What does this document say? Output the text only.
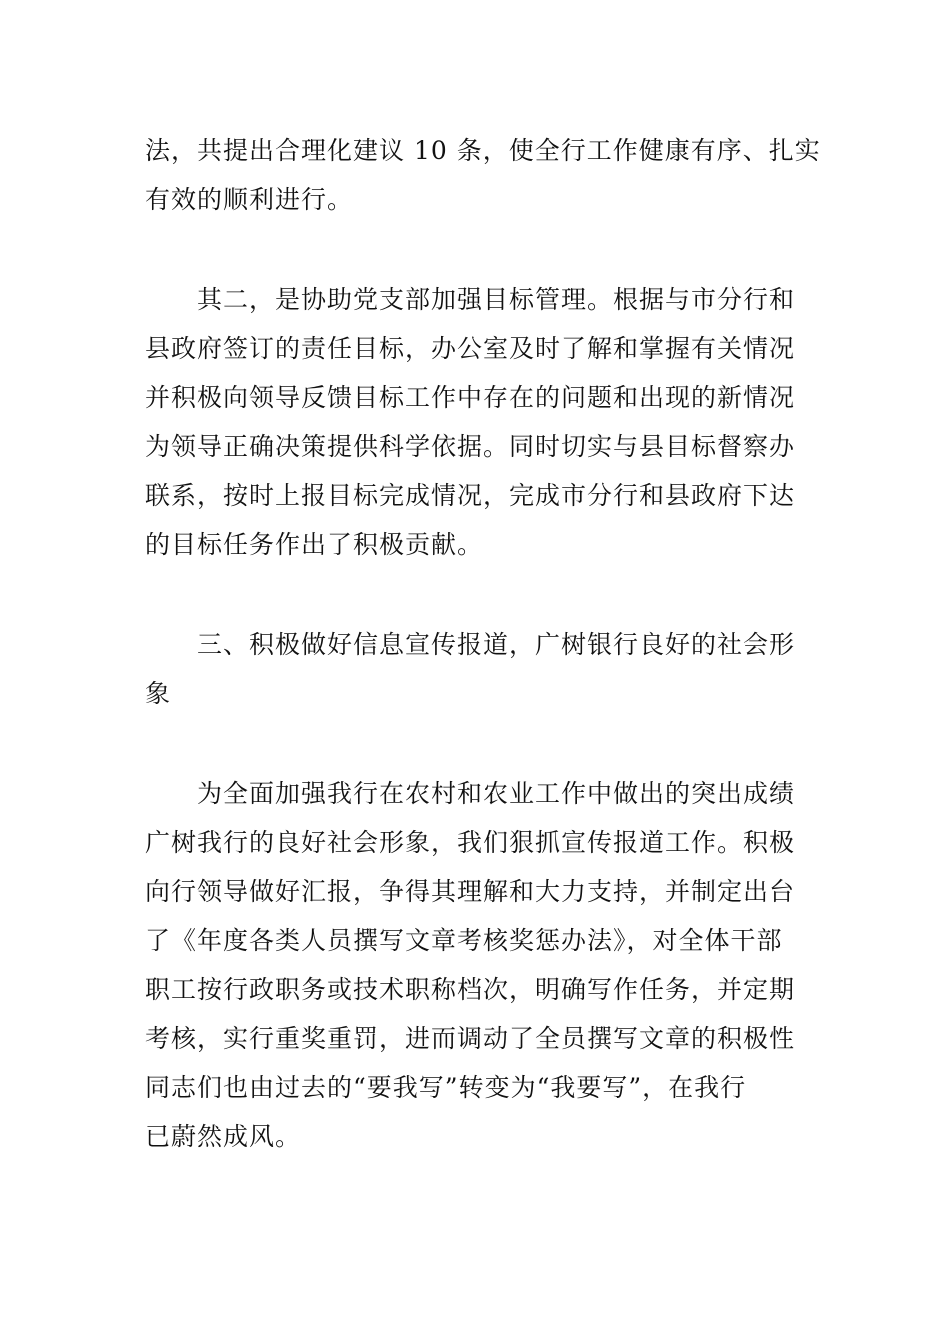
法，共提出合理化建议 10 条，使全行工作健康有序、扎实
有效的顺利进行。
其二，是协助党支部加强目标管理。根据与市分行和
县政府签订的责任目标，办公室及时了解和掌握有关情况
并积极向领导反馈目标工作中存在的问题和出现的新情况
为领导正确决策提供科学依据。同时切实与县目标督察办
联系，按时上报目标完成情况，完成市分行和县政府下达
的目标任务作出了积极贡献。
三、积极做好信息宣传报道，广树银行良好的社会形
象
为全面加强我行在农村和农业工作中做出的突出成绩
广树我行的良好社会形象，我们狠抓宣传报道工作。积极
向行领导做好汇报，争得其理解和大力支持，并制定出台
了《年度各类人员撰写文章考核奖惩办法》，对全体干部
职工按行政职务或技术职称档次，明确写作任务，并定期
考核，实行重奖重罚，进而调动了全员撰写文章的积极性
同志们也由过去的“要我写”转变为“我要写”，在我行
已蔚然成风。
